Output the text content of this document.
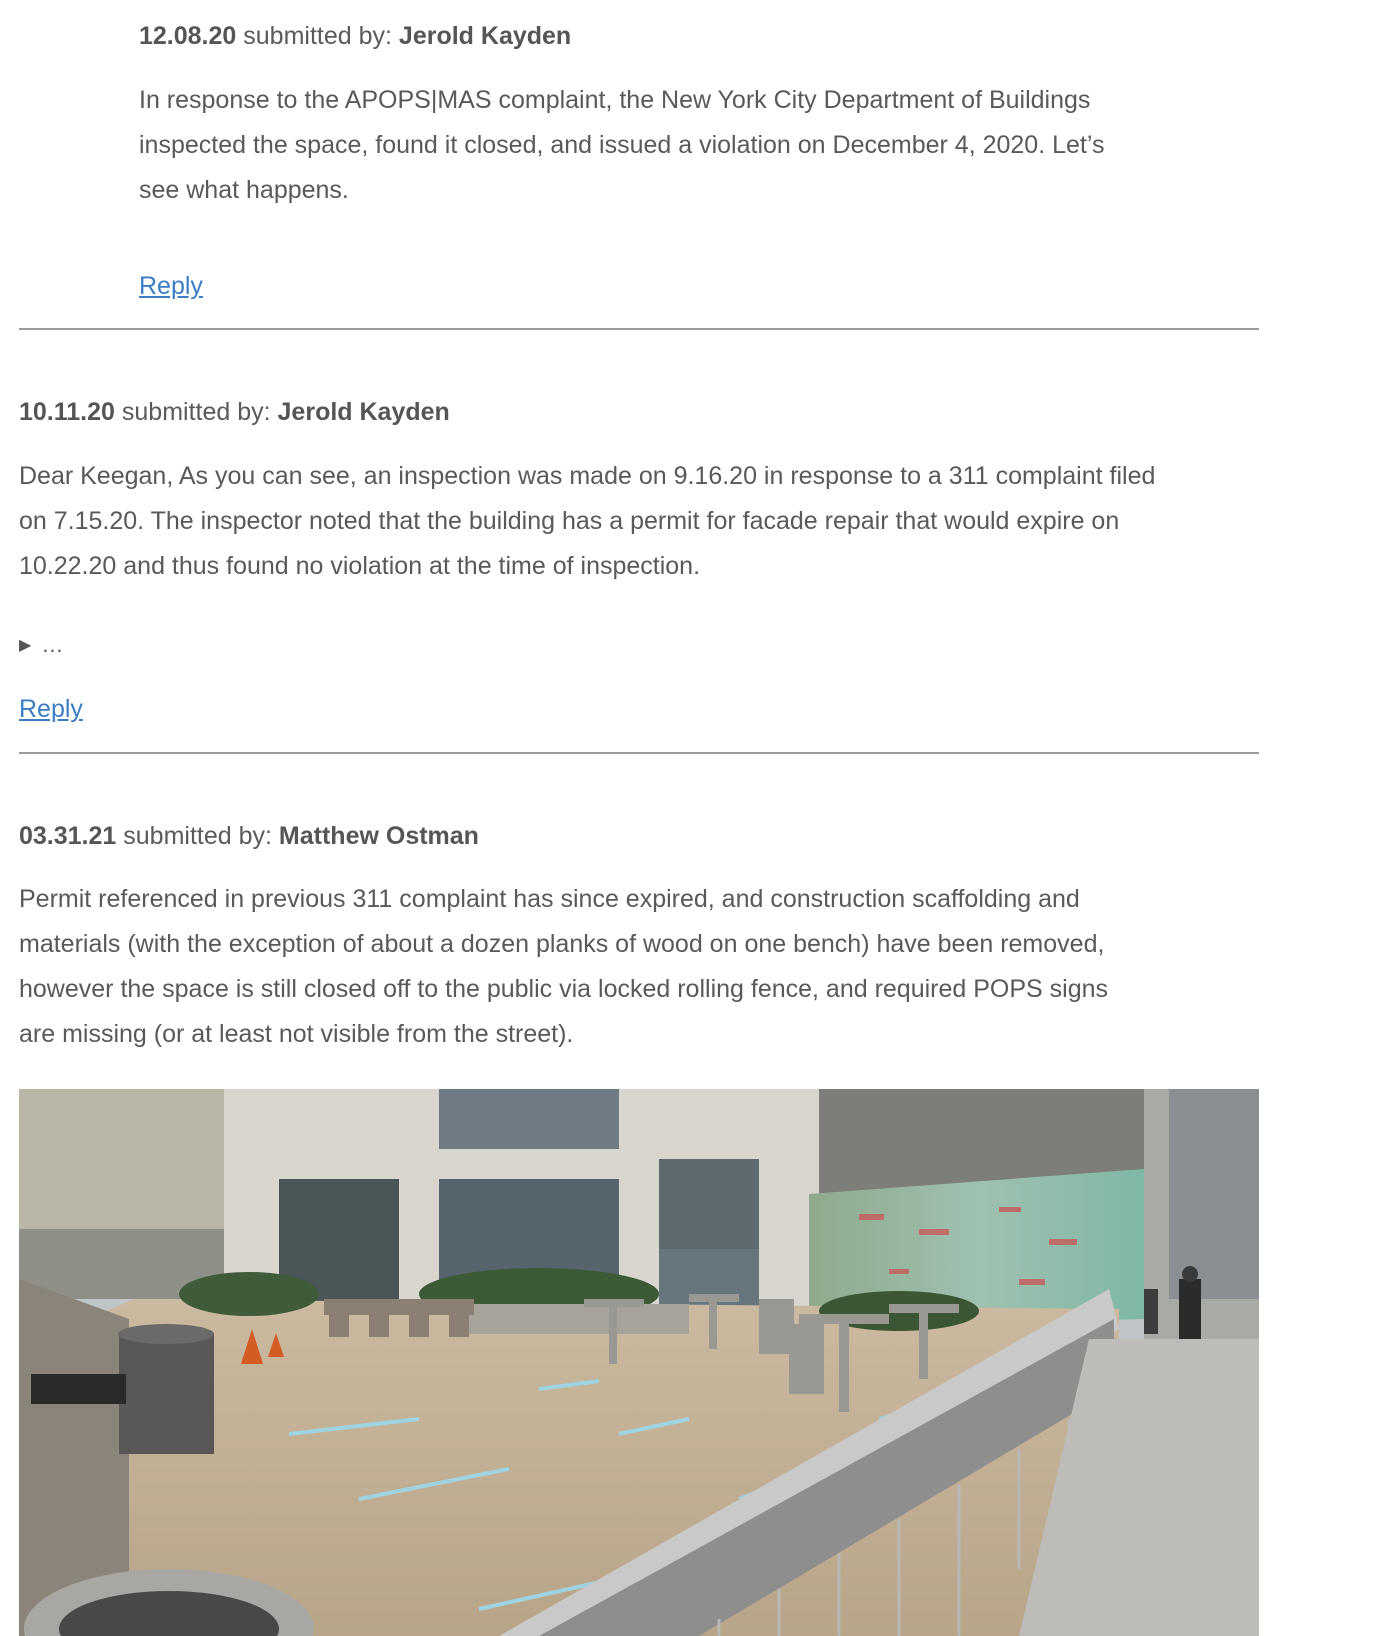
12.08.20 submitted by: Jerold Kayden
In response to the APOPS|MAS complaint, the New York City Department of Buildings
inspected the space, found it closed, and issued a violation on December 4, 2020. Let’s
see what happens.
Reply
10.11.20 submitted by: Jerold Kayden
Dear Keegan, As you can see, an inspection was made on 9.16.20 in response to a 311 complaint filed
on 7.15.20. The inspector noted that the building has a permit for facade repair that would expire on
10.22.20 and thus found no violation at the time of inspection.
▶ …
Reply
03.31.21 submitted by: Matthew Ostman
Permit referenced in previous 311 complaint has since expired, and construction scaffolding and
materials (with the exception of about a dozen planks of wood on one bench) have been removed,
however the space is still closed off to the public via locked rolling fence, and required POPS signs
are missing (or at least not visible from the street).
